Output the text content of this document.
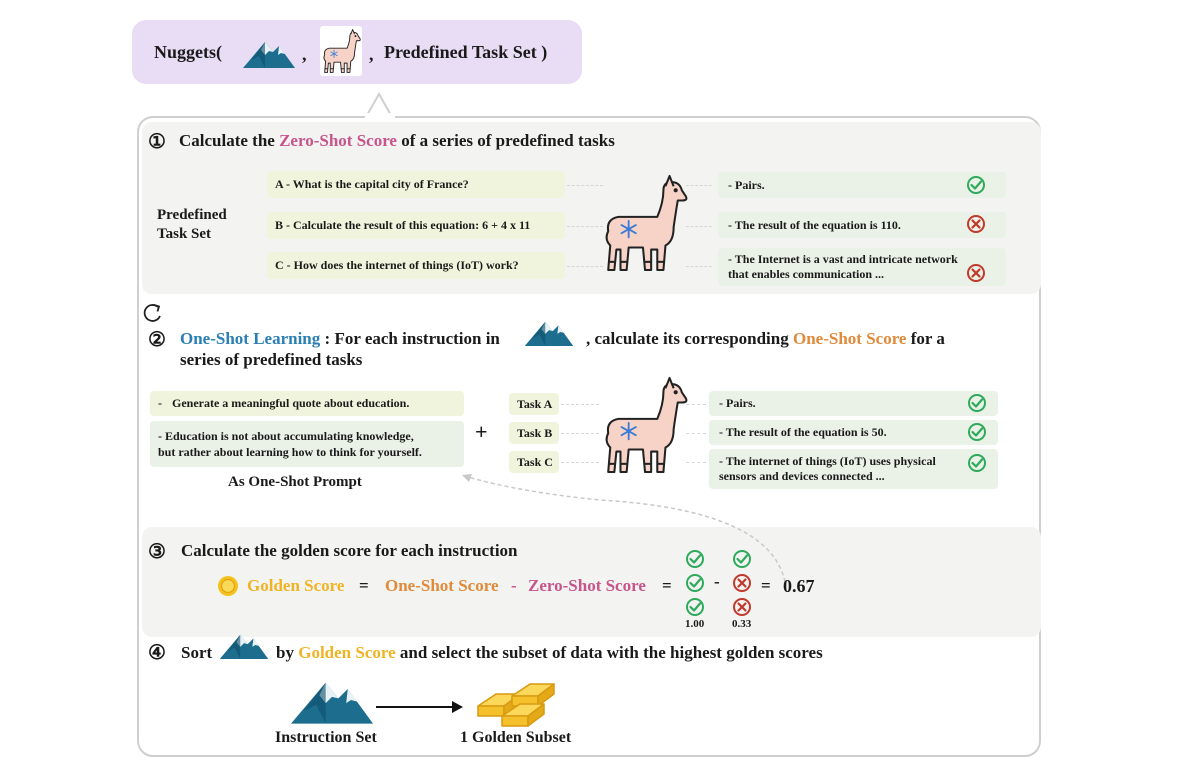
Nuggets(	,	, Predefined Task Set )
① Calculate the Zero-Shot Score of a series of predefined tasks
Predefined
Task Set
A - What is the capital city of France?
B - Calculate the result of this equation: 6 + 4 x 11
C - How does the internet of things (IoT) work?
- Pairs.
- The result of the equation is 110.
- The Internet is a vast and intricate network
that enables communication ...
② One-Shot Learning : For each instruction in	, calculate its corresponding One-Shot Score for a
series of predefined tasks
- Generate a meaningful quote about education.
- Education is not about accumulating knowledge,
but rather about learning how to think for yourself.
As One-Shot Prompt
+
Task A
Task B
Task C
- Pairs.
- The result of the equation is 50.
- The internet of things (IoT) uses physical
sensors and devices connected ...
③ Calculate the golden score for each instruction
Golden Score = One-Shot Score - Zero-Shot Score =
1.00
-
0.33
= 0.67
④ Sort	by Golden Score and select the subset of data with the highest golden scores
Instruction Set	1 Golden Subset
